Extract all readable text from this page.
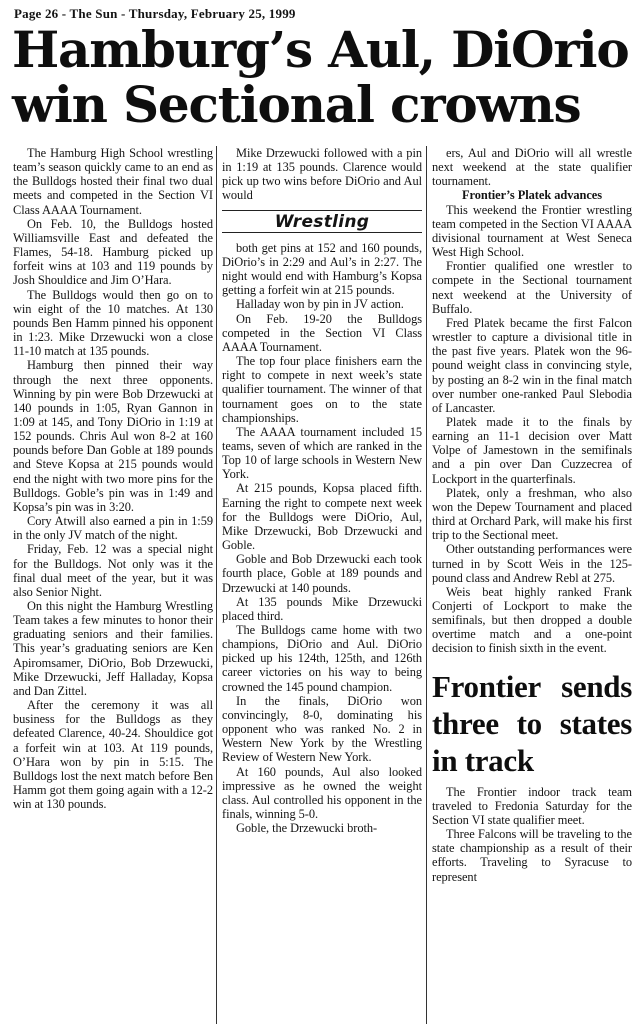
Page 26 - The Sun - Thursday, February 25, 1999
Hamburg’s Aul, DiOrio
win Sectional crowns

The Hamburg High School wrestling team’s season quickly came to an end as the Bulldogs hosted their final two dual meets and competed in the Section VI Class AAAA Tournament.

On Feb. 10, the Bulldogs hosted Williamsville East and defeated the Flames, 54-18. Hamburg picked up forfeit wins at 103 and 119 pounds by Josh Shouldice and Jim O’Hara.

The Bulldogs would then go on to win eight of the 10 matches. At 130 pounds Ben Hamm pinned his opponent in 1:23. Mike Drzewucki won a close 11-10 match at 135 pounds.

Hamburg then pinned their way through the next three opponents. Winning by pin were Bob Drzewucki at 140 pounds in 1:05, Ryan Gannon in 1:09 at 145, and Tony DiOrio in 1:19 at 152 pounds. Chris Aul won 8-2 at 160 pounds before Dan Goble at 189 pounds and Steve Kopsa at 215 pounds would end the night with two more pins for the Bulldogs. Goble’s pin was in 1:49 and Kopsa’s pin was in 3:20.

Cory Atwill also earned a pin in 1:59 in the only JV match of the night.

Friday, Feb. 12 was a special night for the Bulldogs. Not only was it the final dual meet of the year, but it was also Senior Night.

On this night the Hamburg Wrestling Team takes a few minutes to honor their graduating seniors and their families. This year’s graduating seniors are Ken Apiromsamer, DiOrio, Bob Drzewucki, Mike Drzewucki, Jeff Halladay, Kopsa and Dan Zittel.

After the ceremony it was all business for the Bulldogs as they defeated Clarence, 40-24. Shouldice got a forfeit win at 103. At 119 pounds, O’Hara won by pin in 5:15. The Bulldogs lost the next match before Ben Hamm got them going again with a 12-2 win at 130 pounds.

Mike Drzewucki followed with a pin in 1:19 at 135 pounds. Clarence would pick up two wins before DiOrio and Aul would

Wrestling

both get pins at 152 and 160 pounds, DiOrio’s in 2:29 and Aul’s in 2:27. The night would end with Hamburg’s Kopsa getting a forfeit win at 215 pounds.

Halladay won by pin in JV action.

On Feb. 19-20 the Bulldogs competed in the Section VI Class AAAA Tournament.

The top four place finishers earn the right to compete in next week’s state qualifier tournament. The winner of that tournament goes on to the state championships.

The AAAA tournament included 15 teams, seven of which are ranked in the Top 10 of large schools in Western New York.

At 215 pounds, Kopsa placed fifth. Earning the right to compete next week for the Bulldogs were DiOrio, Aul, Mike Drzewucki, Bob Drzewucki and Goble.

Goble and Bob Drzewucki each took fourth place, Goble at 189 pounds and Drzewucki at 140 pounds.

At 135 pounds Mike Drzewucki placed third.

The Bulldogs came home with two champions, DiOrio and Aul. DiOrio picked up his 124th, 125th, and 126th career victories on his way to being crowned the 145 pound champion.

In the finals, DiOrio won convincingly, 8-0, dominating his opponent who was ranked No. 2 in Western New York by the Wrestling Review of Western New York.

At 160 pounds, Aul also looked impressive as he owned the weight class. Aul controlled his opponent in the finals, winning 5-0.

Goble, the Drzewucki broth-

ers, Aul and DiOrio will all wrestle next weekend at the state qualifier tournament.

Frontier’s Platek advances

This weekend the Frontier wrestling team competed in the Section VI AAAA divisional tournament at West Seneca West High School.

Frontier qualified one wrestler to compete in the Sectional tournament next weekend at the University of Buffalo.

Fred Platek became the first Falcon wrestler to capture a divisional title in the past five years. Platek won the 96-pound weight class in convincing style, by posting an 8-2 win in the final match over number one-ranked Paul Slebodia of Lancaster.

Platek made it to the finals by earning an 11-1 decision over Matt Volpe of Jamestown in the semifinals and a pin over Dan Cuzzecrea of Lockport in the quarterfinals.

Platek, only a freshman, who also won the Depew Tournament and placed third at Orchard Park, will make his first trip to the Sectional meet.

Other outstanding performances were turned in by Scott Weis in the 125-pound class and Andrew Rebl at 275.

Weis beat highly ranked Frank Conjerti of Lockport to make the semifinals, but then dropped a double overtime match and a one-point decision to finish sixth in the event.

Frontier sends three to states in track

The Frontier indoor track team traveled to Fredonia Saturday for the Section VI state qualifier meet.

Three Falcons will be traveling to the state championship as a result of their efforts. Traveling to Syracuse to represent
